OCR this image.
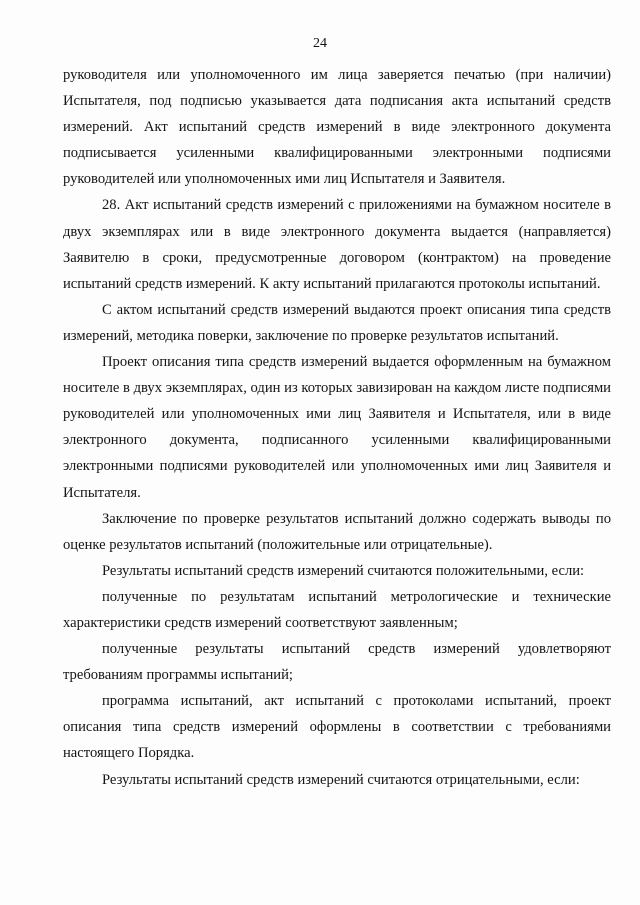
24

руководителя или уполномоченного им лица заверяется печатью (при наличии) Испытателя, под подписью указывается дата подписания акта испытаний средств измерений. Акт испытаний средств измерений в виде электронного документа подписывается усиленными квалифицированными электронными подписями руководителей или уполномоченных ими лиц Испытателя и Заявителя.

28. Акт испытаний средств измерений с приложениями на бумажном носителе в двух экземплярах или в виде электронного документа выдается (направляется) Заявителю в сроки, предусмотренные договором (контрактом) на проведение испытаний средств измерений. К акту испытаний прилагаются протоколы испытаний.

С актом испытаний средств измерений выдаются проект описания типа средств измерений, методика поверки, заключение по проверке результатов испытаний.

Проект описания типа средств измерений выдается оформленным на бумажном носителе в двух экземплярах, один из которых завизирован на каждом листе подписями руководителей или уполномоченных ими лиц Заявителя и Испытателя, или в виде электронного документа, подписанного усиленными квалифицированными электронными подписями руководителей или уполномоченных ими лиц Заявителя и Испытателя.

Заключение по проверке результатов испытаний должно содержать выводы по оценке результатов испытаний (положительные или отрицательные).

Результаты испытаний средств измерений считаются положительными, если:

полученные по результатам испытаний метрологические и технические характеристики средств измерений соответствуют заявленным;

полученные результаты испытаний средств измерений удовлетворяют требованиям программы испытаний;

программа испытаний, акт испытаний с протоколами испытаний, проект описания типа средств измерений оформлены в соответствии с требованиями настоящего Порядка.

Результаты испытаний средств измерений считаются отрицательными, если:
